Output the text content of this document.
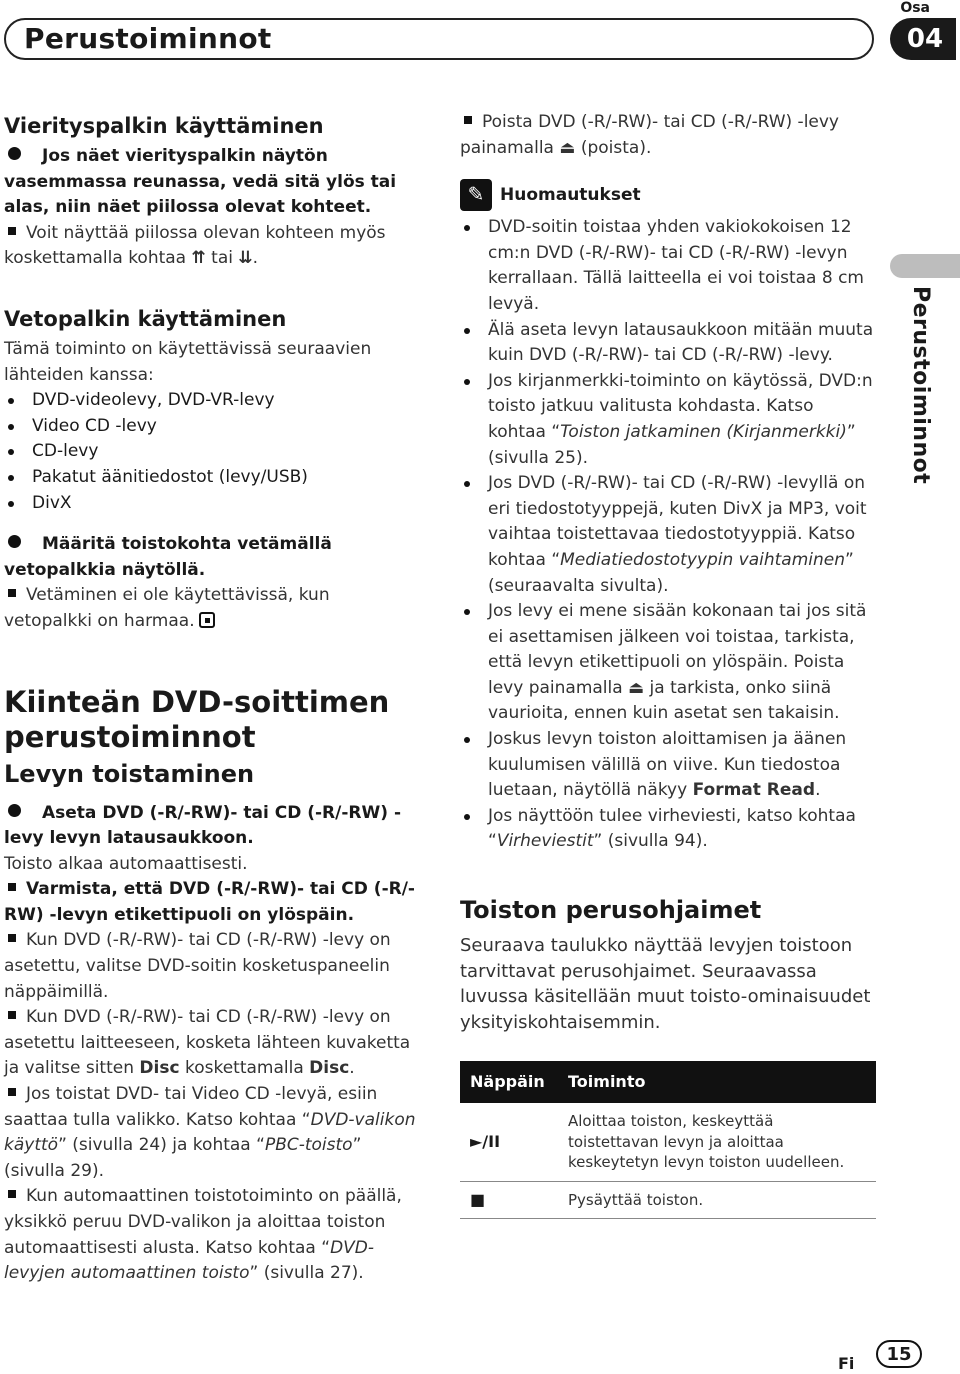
Perustoiminnot
Osa
04
Perustoiminnot

Vierityspalkin käyttäminen

Jos näet vierityspalkin näytön vasemmassa reunassa, vedä sitä ylös tai alas, niin näet piilossa olevat kohteet.

Voit näyttää piilossa olevan kohteen myös koskettamalla kohtaa ⇈ tai ⇊.

Vetopalkin käyttäminen

Tämä toiminto on käytettävissä seuraavien lähteiden kanssa:

DVD-videolevy, DVD-VR-levy
Video CD -levy
CD-levy
Pakatut äänitiedostot (levy/USB)
DivX

Määritä toistokohta vetämällä vetopalkkia näytöllä.

Vetäminen ei ole käytettävissä, kun vetopalkki on harmaa.

Kiinteän DVD-soittimen perustoiminnot

Levyn toistaminen

Aseta DVD (-R/-RW)- tai CD (-R/-RW) -levy levyn latausaukkoon.

Toisto alkaa automaattisesti.

Varmista, että DVD (-R/-RW)- tai CD (-R/-RW) -levyn etikettipuoli on ylöspäin.

Kun DVD (-R/-RW)- tai CD (-R/-RW) -levy on asetettu, valitse DVD-soitin kosketuspaneelin näppäimillä.

Kun DVD (-R/-RW)- tai CD (-R/-RW) -levy on asetettu laitteeseen, kosketa lähteen kuvaketta ja valitse sitten Disc koskettamalla Disc.

Jos toistat DVD- tai Video CD -levyä, esiin saattaa tulla valikko. Katso kohtaa “DVD-valikon käyttö” (sivulla 24) ja kohtaa “PBC-toisto” (sivulla 29).

Kun automaattinen toistotoiminto on päällä, yksikkö peruu DVD-valikon ja aloittaa toiston automaattisesti alusta. Katso kohtaa “DVD-levyjen automaattinen toisto” (sivulla 27).

Poista DVD (-R/-RW)- tai CD (-R/-RW) -levy painamalla ⏏ (poista).

✎ Huomautukset

DVD-soitin toistaa yhden vakiokokoisen 12 cm:n DVD (-R/-RW)- tai CD (-R/-RW) -levyn kerrallaan. Tällä laitteella ei voi toistaa 8 cm levyä.
Älä aseta levyn latausaukkoon mitään muuta kuin DVD (-R/-RW)- tai CD (-R/-RW) -levy.
Jos kirjanmerkki-toiminto on käytössä, DVD:n toisto jatkuu valitusta kohdasta. Katso kohtaa “Toiston jatkaminen (Kirjanmerkki)” (sivulla 25).
Jos DVD (-R/-RW)- tai CD (-R/-RW) -levyllä on eri tiedostotyyppejä, kuten DivX ja MP3, voit vaihtaa toistettavaa tiedostotyyppiä. Katso kohtaa “Mediatiedostotyypin vaihtaminen” (seuraavalta sivulta).
Jos levy ei mene sisään kokonaan tai jos sitä ei asettamisen jälkeen voi toistaa, tarkista, että levyn etikettipuoli on ylöspäin. Poista levy painamalla ⏏ ja tarkista, onko siinä vaurioita, ennen kuin asetat sen takaisin.
Joskus levyn toiston aloittamisen ja äänen kuulumisen välillä on viive. Kun tiedostoa luetaan, näytöllä näkyy Format Read.
Jos näyttöön tulee virheviesti, katso kohtaa “Virheviestit” (sivulla 94).

Toiston perusohjaimet

Seuraava taulukko näyttää levyjen toistoon tarvittavat perusohjaimet. Seuraavassa luvussa käsitellään muut toisto-ominaisuudet yksityiskohtaisemmin.

Näppäin	Toiminto
►/II	Aloittaa toiston, keskeyttää toistettavan levyn ja aloittaa keskeytetyn levyn toiston uudelleen.
■	Pysäyttää toiston.
Fi	15
